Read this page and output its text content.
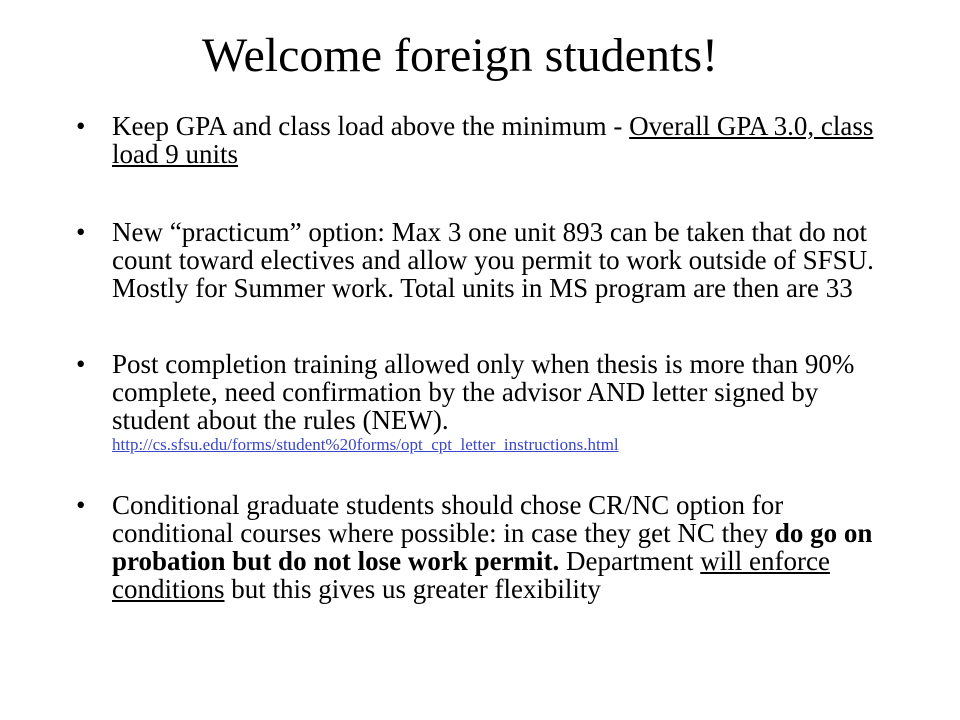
Welcome foreign students!
• Keep GPA and class load above the minimum - Overall GPA 3.0, class load 9 units
• New “practicum” option: Max 3 one unit 893 can be taken that do not count toward electives and allow you permit to work outside of SFSU. Mostly for Summer work. Total units in MS program are then are 33
• Post completion training allowed only when thesis is more than 90% complete, need confirmation by the advisor AND letter signed by student about the rules (NEW).
http://cs.sfsu.edu/forms/student%20forms/opt_cpt_letter_instructions.html
• Conditional graduate students should chose CR/NC option for conditional courses where possible: in case they get NC they do go on probation but do not lose work permit. Department will enforce conditions but this gives us greater flexibility
